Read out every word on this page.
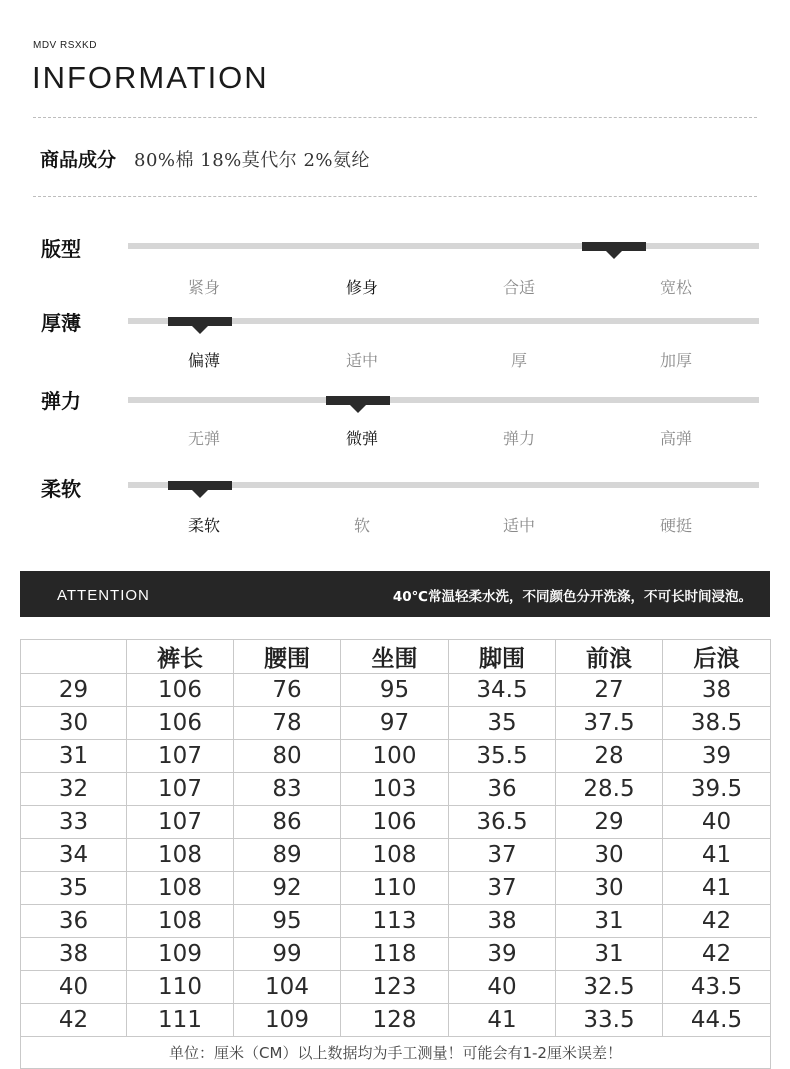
MDV RSXKD
INFORMATION
商品成分 80%棉 18%莫代尔 2%氨纶
版型
紧身	修身	合适	宽松
厚薄
偏薄	适中	厚	加厚
弹力
无弹	微弹	弹力	高弹
柔软
柔软	软	适中	硬挺
ATTENTION	40℃常温轻柔水洗，不同颜色分开洗涤，不可长时间浸泡。
	裤长	腰围	坐围	脚围	前浪	后浪
29	106	76	95	34.5	27	38
30	106	78	97	35	37.5	38.5
31	107	80	100	35.5	28	39
32	107	83	103	36	28.5	39.5
33	107	86	106	36.5	29	40
34	108	89	108	37	30	41
35	108	92	110	37	30	41
36	108	95	113	38	31	42
38	109	99	118	39	31	42
40	110	104	123	40	32.5	43.5
42	111	109	128	41	33.5	44.5
单位：厘米（CM）以上数据均为手工测量！可能会有1-2厘米误差！						
